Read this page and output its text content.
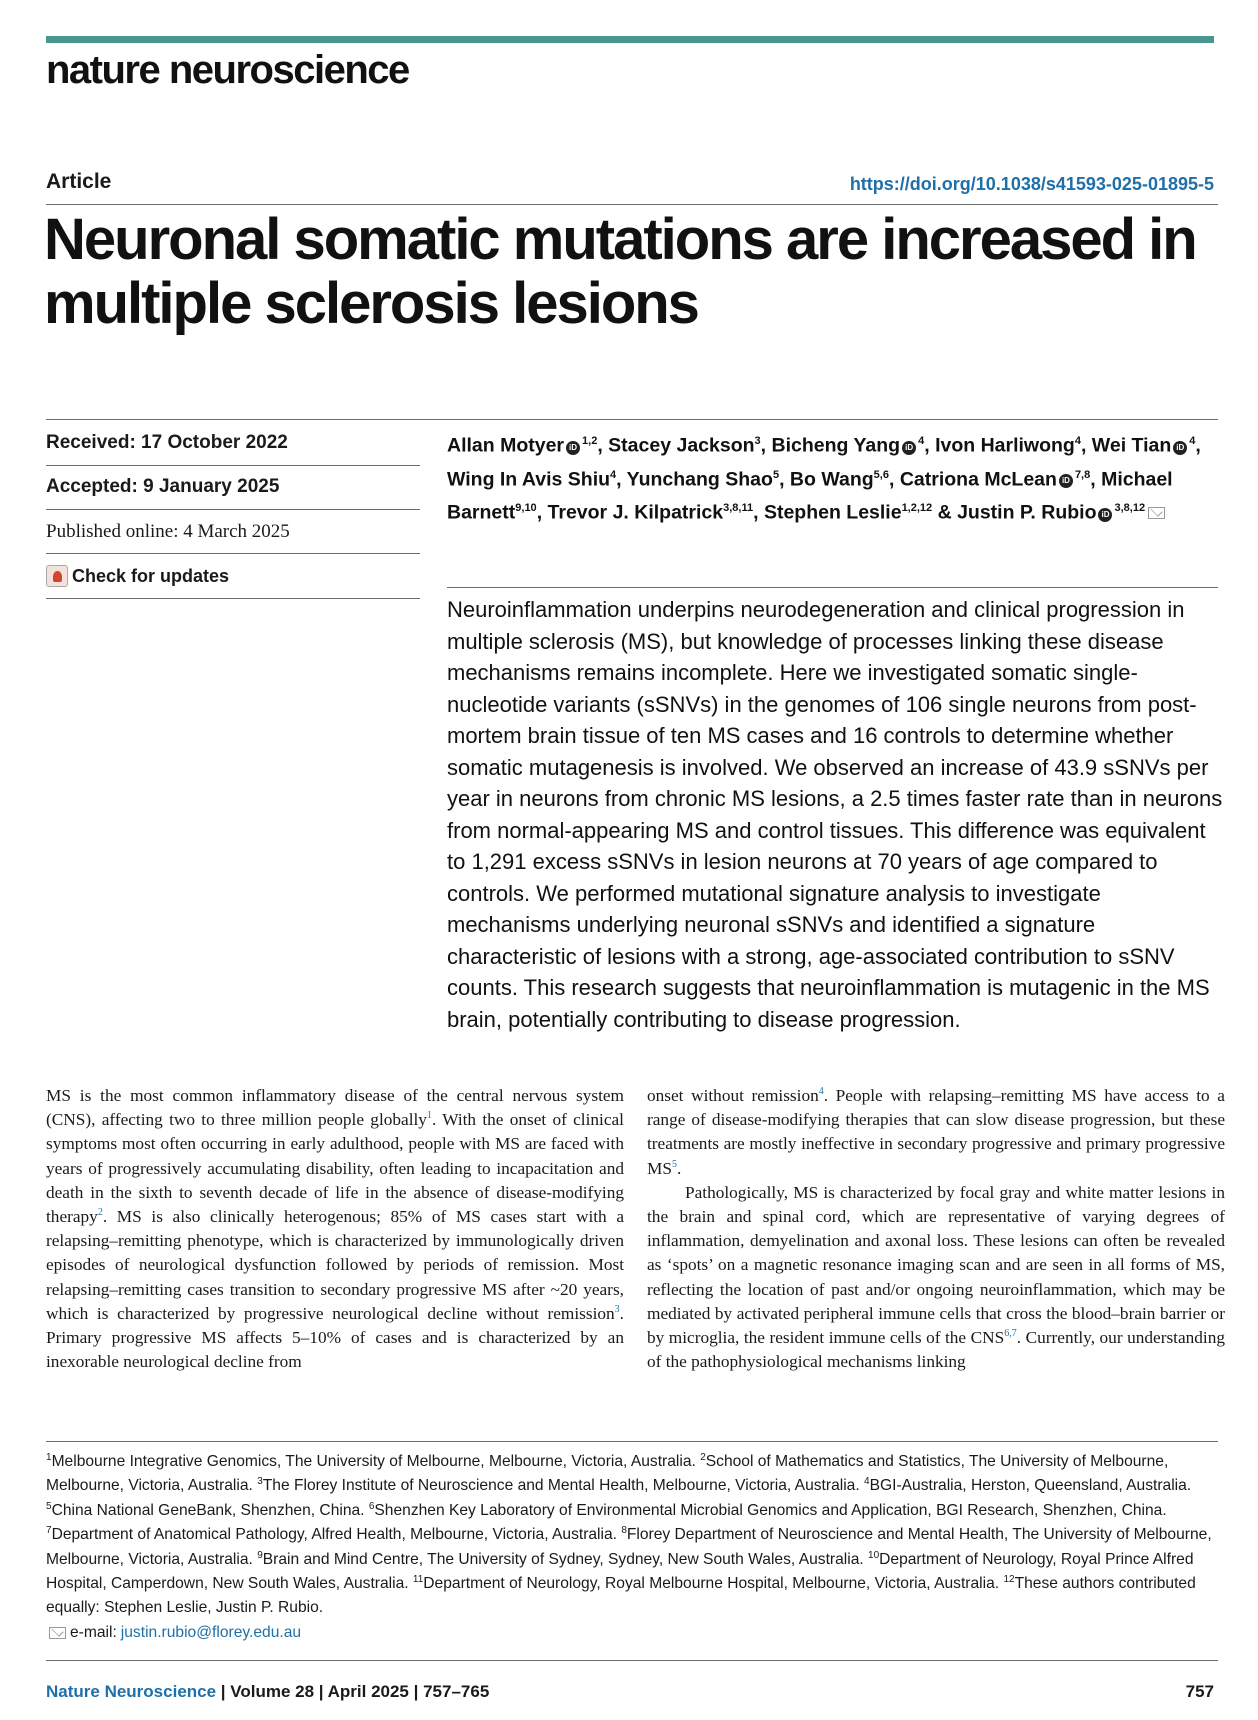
nature neuroscience
Article	https://doi.org/10.1038/s41593-025-01895-5
Neuronal somatic mutations are increased in multiple sclerosis lesions
Received: 17 October 2022
Accepted: 9 January 2025
Published online: 4 March 2025
Check for updates
Allan Motyer iD $^{1,2}$, Stacey Jackson$^3$, Bicheng Yang iD $^4$, Ivon Harliwong$^4$, Wei Tian iD $^4$, Wing In Avis Shiu$^4$, Yunchang Shao$^5$, Bo Wang$^{5,6}$, Catriona McLean iD $^{7,8}$, Michael Barnett$^{9,10}$, Trevor J. Kilpatrick$^{3,8,11}$, Stephen Leslie$^{1,2,12}$ & Justin P. Rubio iD $^{3,8,12}$

Neuroinflammation underpins neurodegeneration and clinical progression in multiple sclerosis (MS), but knowledge of processes linking these disease mechanisms remains incomplete. Here we investigated somatic single-nucleotide variants (sSNVs) in the genomes of 106 single neurons from post-mortem brain tissue of ten MS cases and 16 controls to determine whether somatic mutagenesis is involved. We observed an increase of 43.9 sSNVs per year in neurons from chronic MS lesions, a 2.5 times faster rate than in neurons from normal-appearing MS and control tissues. This difference was equivalent to 1,291 excess sSNVs in lesion neurons at 70 years of age compared to controls. We performed mutational signature analysis to investigate mechanisms underlying neuronal sSNVs and identified a signature characteristic of lesions with a strong, age-associated contribution to sSNV counts. This research suggests that neuroinflammation is mutagenic in the MS brain, potentially contributing to disease progression.

MS is the most common inflammatory disease of the central nervous system (CNS), affecting two to three million people globally$^1$. With the onset of clinical symptoms most often occurring in early adulthood, people with MS are faced with years of progressively accumulating disability, often leading to incapacitation and death in the sixth to seventh decade of life in the absence of disease-modifying therapy$^2$. MS is also clinically heterogenous; 85% of MS cases start with a relapsing–remitting phenotype, which is characterized by immunologically driven episodes of neurological dysfunction followed by periods of remission. Most relapsing–remitting cases transition to secondary progressive MS after ~20 years, which is characterized by progressive neurological decline without remission$^3$. Primary progressive MS affects 5–10% of cases and is characterized by an inexorable neurological decline from

onset without remission$^4$. People with relapsing–remitting MS have access to a range of disease-modifying therapies that can slow disease progression, but these treatments are mostly ineffective in secondary progressive and primary progressive MS$^5$.

Pathologically, MS is characterized by focal gray and white matter lesions in the brain and spinal cord, which are representative of varying degrees of inflammation, demyelination and axonal loss. These lesions can often be revealed as ‘spots’ on a magnetic resonance imaging scan and are seen in all forms of MS, reflecting the location of past and/or ongoing neuroinflammation, which may be mediated by activated peripheral immune cells that cross the blood–brain barrier or by microglia, the resident immune cells of the CNS$^{6,7}$. Currently, our understanding of the pathophysiological mechanisms linking

$^1$Melbourne Integrative Genomics, The University of Melbourne, Melbourne, Victoria, Australia. $^2$School of Mathematics and Statistics, The University of Melbourne, Melbourne, Victoria, Australia. $^3$The Florey Institute of Neuroscience and Mental Health, Melbourne, Victoria, Australia. $^4$BGI-Australia, Herston, Queensland, Australia. $^5$China National GeneBank, Shenzhen, China. $^6$Shenzhen Key Laboratory of Environmental Microbial Genomics and Application, BGI Research, Shenzhen, China. $^7$Department of Anatomical Pathology, Alfred Health, Melbourne, Victoria, Australia. $^8$Florey Department of Neuroscience and Mental Health, The University of Melbourne, Melbourne, Victoria, Australia. $^9$Brain and Mind Centre, The University of Sydney, Sydney, New South Wales, Australia. $^{10}$Department of Neurology, Royal Prince Alfred Hospital, Camperdown, New South Wales, Australia. $^{11}$Department of Neurology, Royal Melbourne Hospital, Melbourne, Victoria, Australia. $^{12}$These authors contributed equally: Stephen Leslie, Justin P. Rubio.
e-mail: justin.rubio@florey.edu.au
Nature Neuroscience | Volume 28 | April 2025 | 757–765	757
